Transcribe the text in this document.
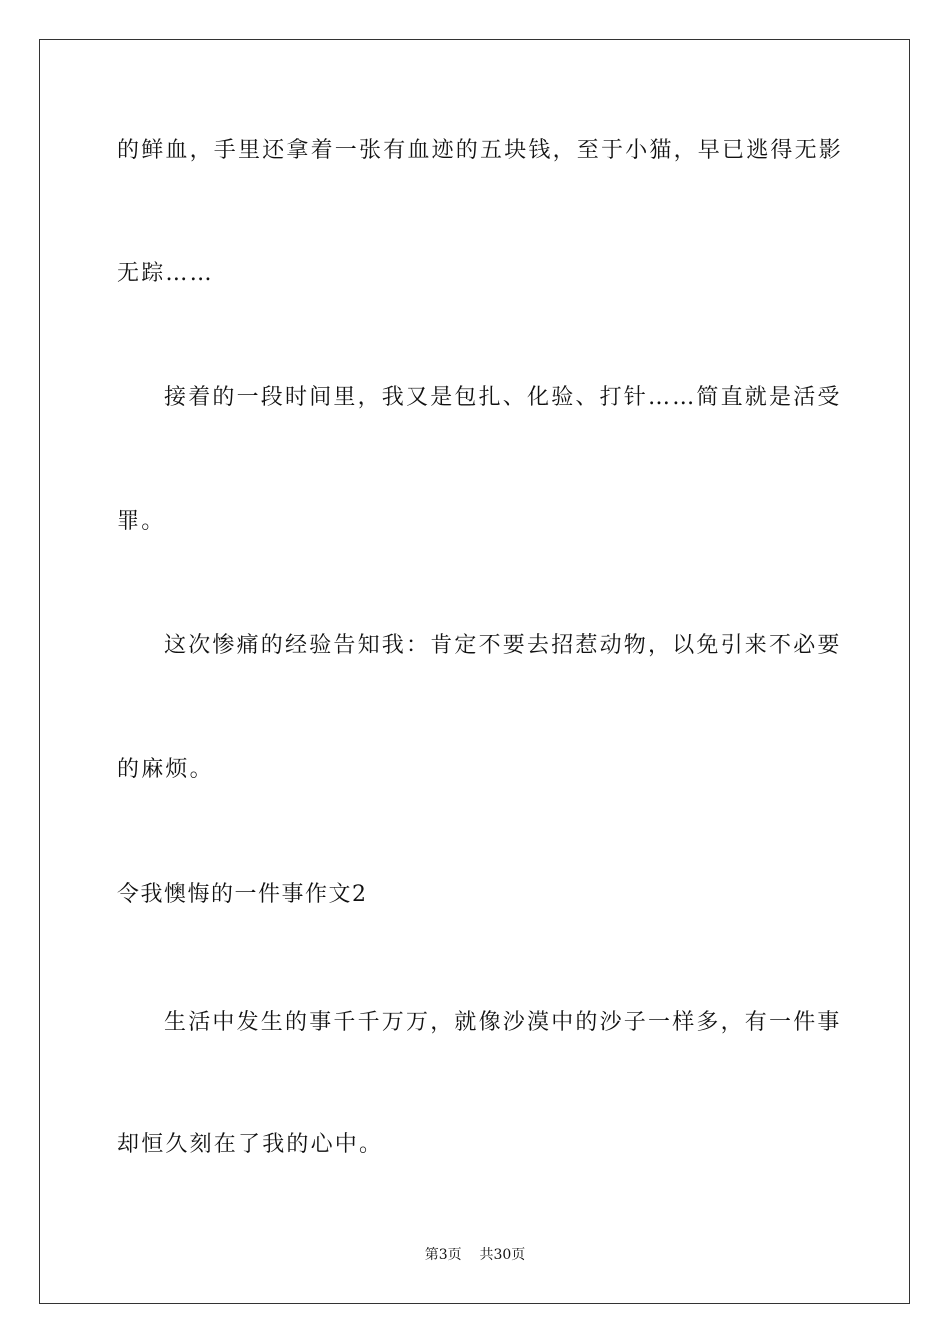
的鲜血，手里还拿着一张有血迹的五块钱，至于小猫，早已逃得无影
无踪……
接着的一段时间里，我又是包扎、化验、打针……简直就是活受
罪。
这次惨痛的经验告知我：肯定不要去招惹动物，以免引来不必要
的麻烦。
令我懊悔的一件事作文2
生活中发生的事千千万万，就像沙漠中的沙子一样多，有一件事
却恒久刻在了我的心中。
第3页    共30页
